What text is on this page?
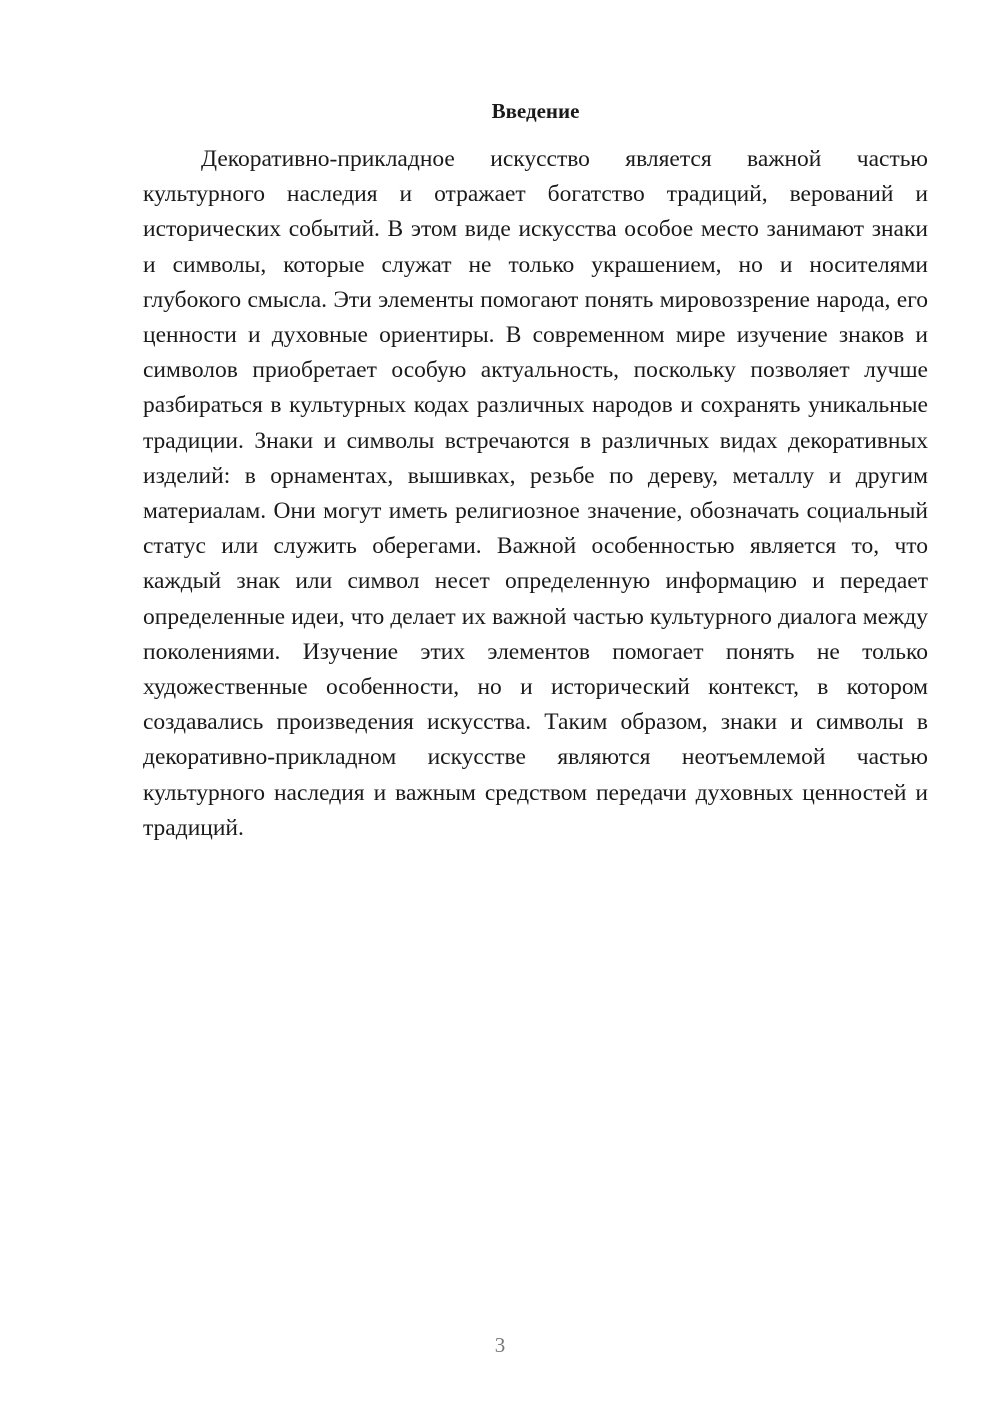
Введение

Декоративно-прикладное искусство является важной частью культурного наследия и отражает богатство традиций, верований и исторических событий. В этом виде искусства особое место занимают знаки и символы, которые служат не только украшением, но и носителями глубокого смысла. Эти элементы помогают понять мировоззрение народа, его ценности и духовные ориентиры. В современном мире изучение знаков и символов приобретает особую актуальность, поскольку позволяет лучше разбираться в культурных кодах различных народов и сохранять уникальные традиции. Знаки и символы встречаются в различных видах декоративных изделий: в орнаментах, вышивках, резьбе по дереву, металлу и другим материалам. Они могут иметь религиозное значение, обозначать социальный статус или служить оберегами. Важной особенностью является то, что каждый знак или символ несет определенную информацию и передает определенные идеи, что делает их важной частью культурного диалога между поколениями. Изучение этих элементов помогает понять не только художественные особенности, но и исторический контекст, в котором создавались произведения искусства. Таким образом, знаки и символы в декоративно-прикладном искусстве являются неотъемлемой частью культурного наследия и важным средством передачи духовных ценностей и традиций.

3
